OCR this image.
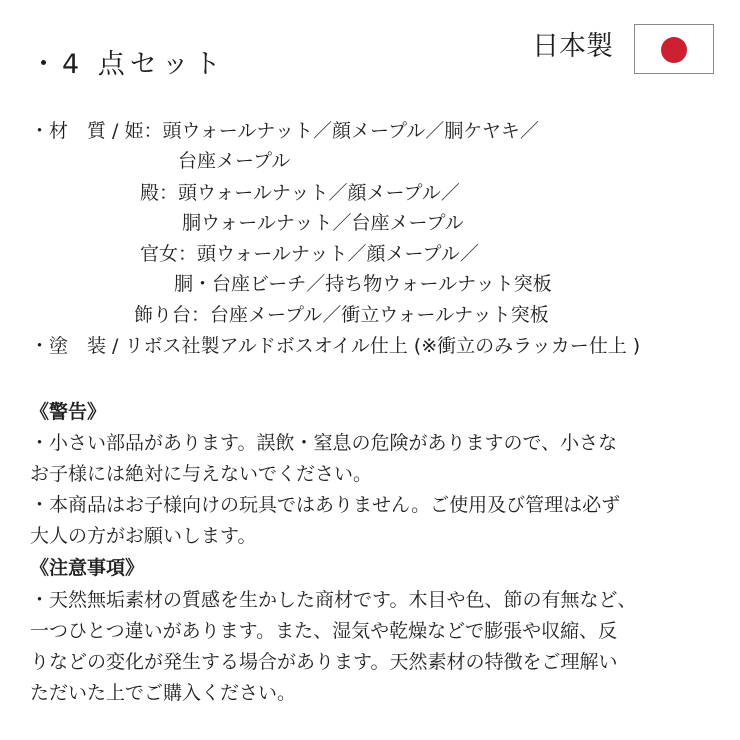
・4 点セット
日本製
・材　質 / 姫：頭ウォールナット／顔メープル／胴ケヤキ／
台座メープル
殿：頭ウォールナット／顔メープル／
胴ウォールナット／台座メープル
官女：頭ウォールナット／顔メープル／
胴・台座ビーチ／持ち物ウォールナット突板
飾り台：台座メープル／衝立ウォールナット突板
・塗　装 / リボス社製アルドボスオイル仕上 (※衝立のみラッカー仕上 )
《警告》
・小さい部品があります。誤飲・窒息の危険がありますので、小さな
お子様には絶対に与えないでください。
・本商品はお子様向けの玩具ではありません。ご使用及び管理は必ず
大人の方がお願いします。
《注意事項》
・天然無垢素材の質感を生かした商材です。木目や色、節の有無など、
一つひとつ違いがあります。また、湿気や乾燥などで膨張や収縮、反
りなどの変化が発生する場合があります。天然素材の特徴をご理解い
ただいた上でご購入ください。
